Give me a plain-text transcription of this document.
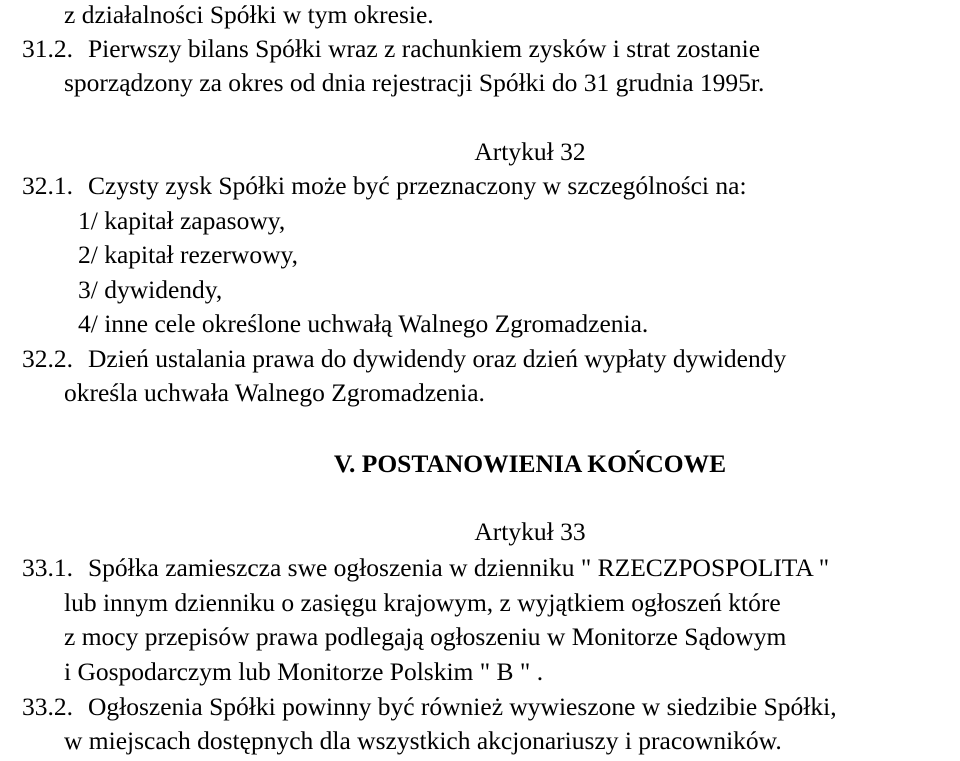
z działalności Spółki w tym okresie.
31.2. Pierwszy bilans Spółki wraz z rachunkiem zysków i strat zostanie
sporządzony za okres od dnia rejestracji Spółki do 31 grudnia 1995r.
Artykuł 32
32.1. Czysty zysk Spółki może być przeznaczony w szczególności na:
1/ kapitał zapasowy,
2/ kapitał rezerwowy,
3/ dywidendy,
4/ inne cele określone uchwałą Walnego Zgromadzenia.
32.2. Dzień ustalania prawa do dywidendy oraz dzień wypłaty dywidendy
określa uchwała Walnego Zgromadzenia.
V. POSTANOWIENIA KOŃCOWE
Artykuł 33
33.1. Spółka zamieszcza swe ogłoszenia w dzienniku " RZECZPOSPOLITA "
lub innym dzienniku o zasięgu krajowym, z wyjątkiem ogłoszeń które
z mocy przepisów prawa podlegają ogłoszeniu w Monitorze Sądowym
i Gospodarczym lub Monitorze Polskim " B " .
33.2. Ogłoszenia Spółki powinny być również wywieszone w siedzibie Spółki,
w miejscach dostępnych dla wszystkich akcjonariuszy i pracowników.
